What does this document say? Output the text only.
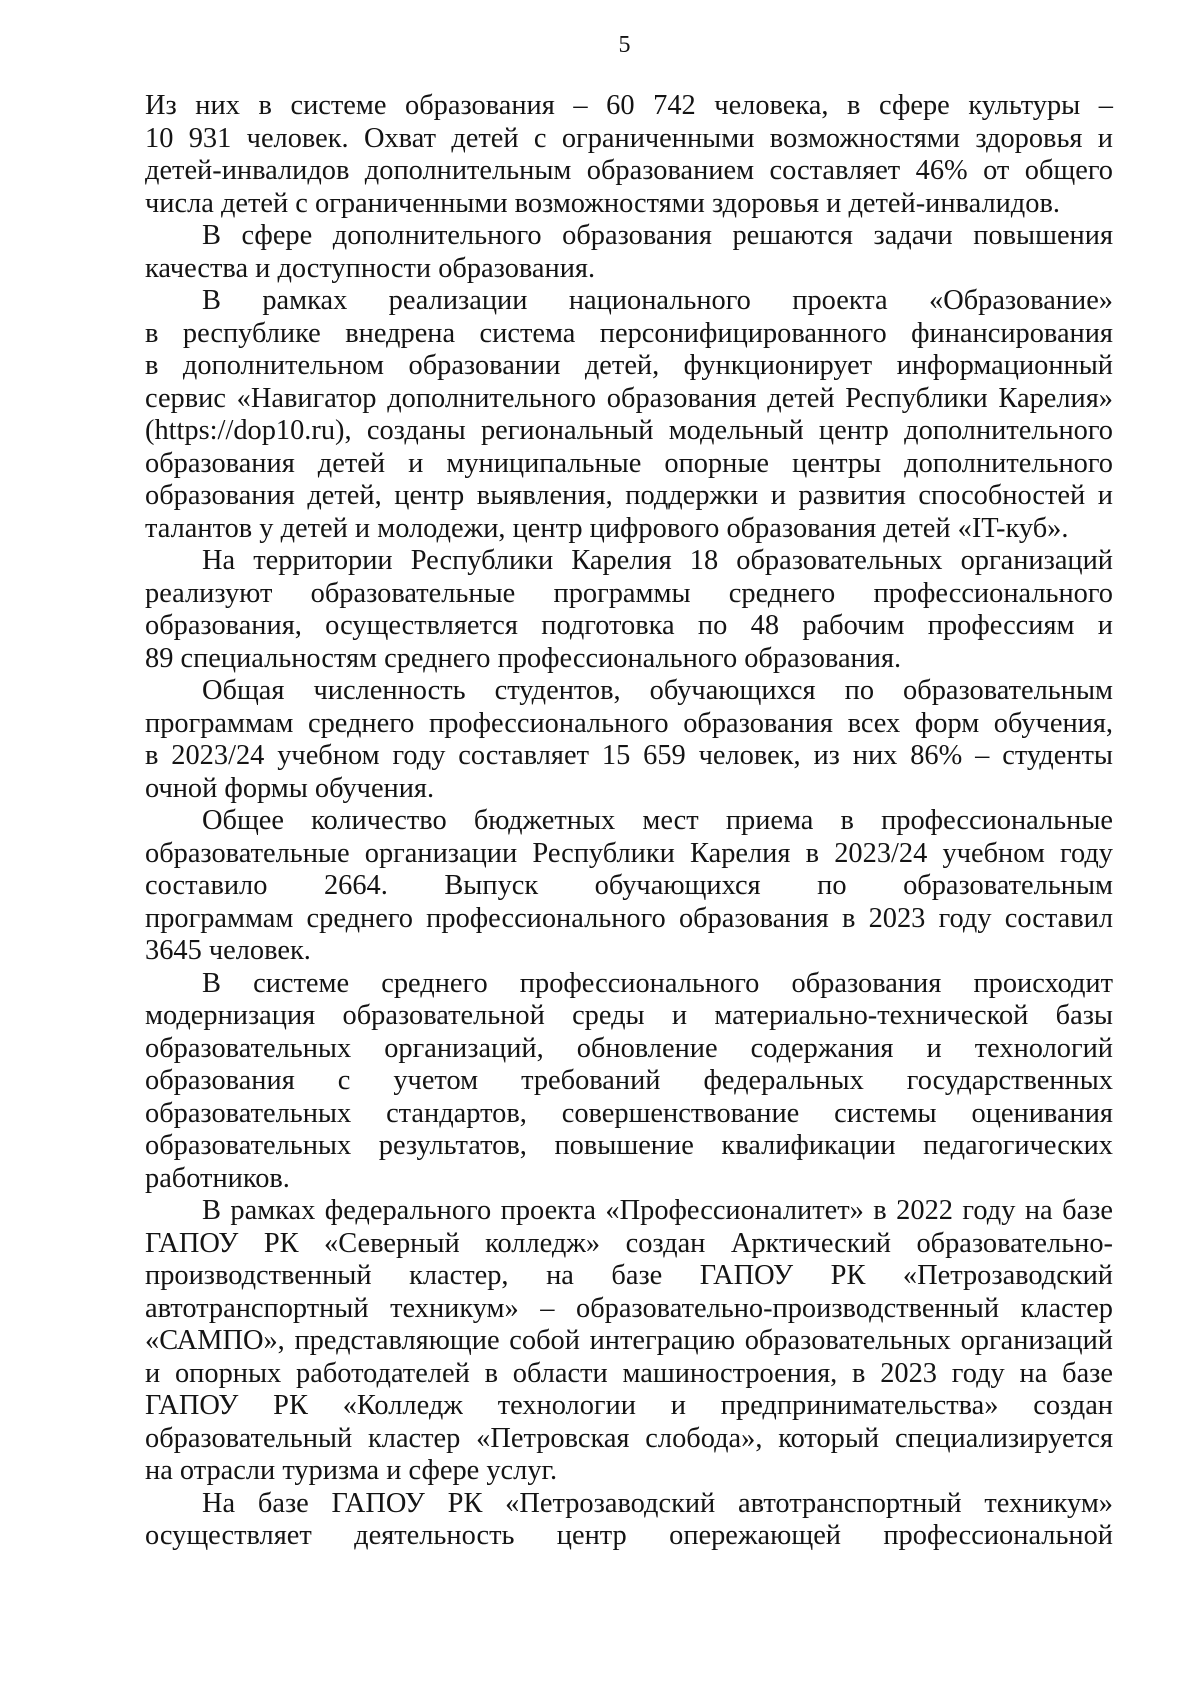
5
Из них в системе образования – 60 742 человека, в сфере культуры –
10 931 человек. Охват детей с ограниченными возможностями здоровья и
детей-инвалидов дополнительным образованием составляет 46% от общего
числа детей с ограниченными возможностями здоровья и детей-инвалидов.
В сфере дополнительного образования решаются задачи повышения
качества и доступности образования.
В рамках реализации национального проекта «Образование»
в республике внедрена система персонифицированного финансирования
в дополнительном образовании детей, функционирует информационный
сервис «Навигатор дополнительного образования детей Республики Карелия»
(https://dop10.ru), созданы региональный модельный центр дополнительного
образования детей и муниципальные опорные центры дополнительного
образования детей, центр выявления, поддержки и развития способностей и
талантов у детей и молодежи, центр цифрового образования детей «IT-куб».
На территории Республики Карелия 18 образовательных организаций
реализуют образовательные программы среднего профессионального
образования, осуществляется подготовка по 48 рабочим профессиям и
89 специальностям среднего профессионального образования.
Общая численность студентов, обучающихся по образовательным
программам среднего профессионального образования всех форм обучения,
в 2023/24 учебном году составляет 15 659 человек, из них 86% – студенты
очной формы обучения.
Общее количество бюджетных мест приема в профессиональные
образовательные организации Республики Карелия в 2023/24 учебном году
составило 2664. Выпуск обучающихся по образовательным
программам среднего профессионального образования в 2023 году составил
3645 человек.
В системе среднего профессионального образования происходит
модернизация образовательной среды и материально-технической базы
образовательных организаций, обновление содержания и технологий
образования с учетом требований федеральных государственных
образовательных стандартов, совершенствование системы оценивания
образовательных результатов, повышение квалификации педагогических
работников.
В рамках федерального проекта «Профессионалитет» в 2022 году на базе
ГАПОУ РК «Северный колледж» создан Арктический образовательно-
производственный кластер, на базе ГАПОУ РК «Петрозаводский
автотранспортный техникум» – образовательно-производственный кластер
«САМПО», представляющие собой интеграцию образовательных организаций
и опорных работодателей в области машиностроения, в 2023 году на базе
ГАПОУ РК «Колледж технологии и предпринимательства» создан
образовательный кластер «Петровская слобода», который специализируется
на отрасли туризма и сфере услуг.
На базе ГАПОУ РК «Петрозаводский автотранспортный техникум»
осуществляет деятельность центр опережающей профессиональной
